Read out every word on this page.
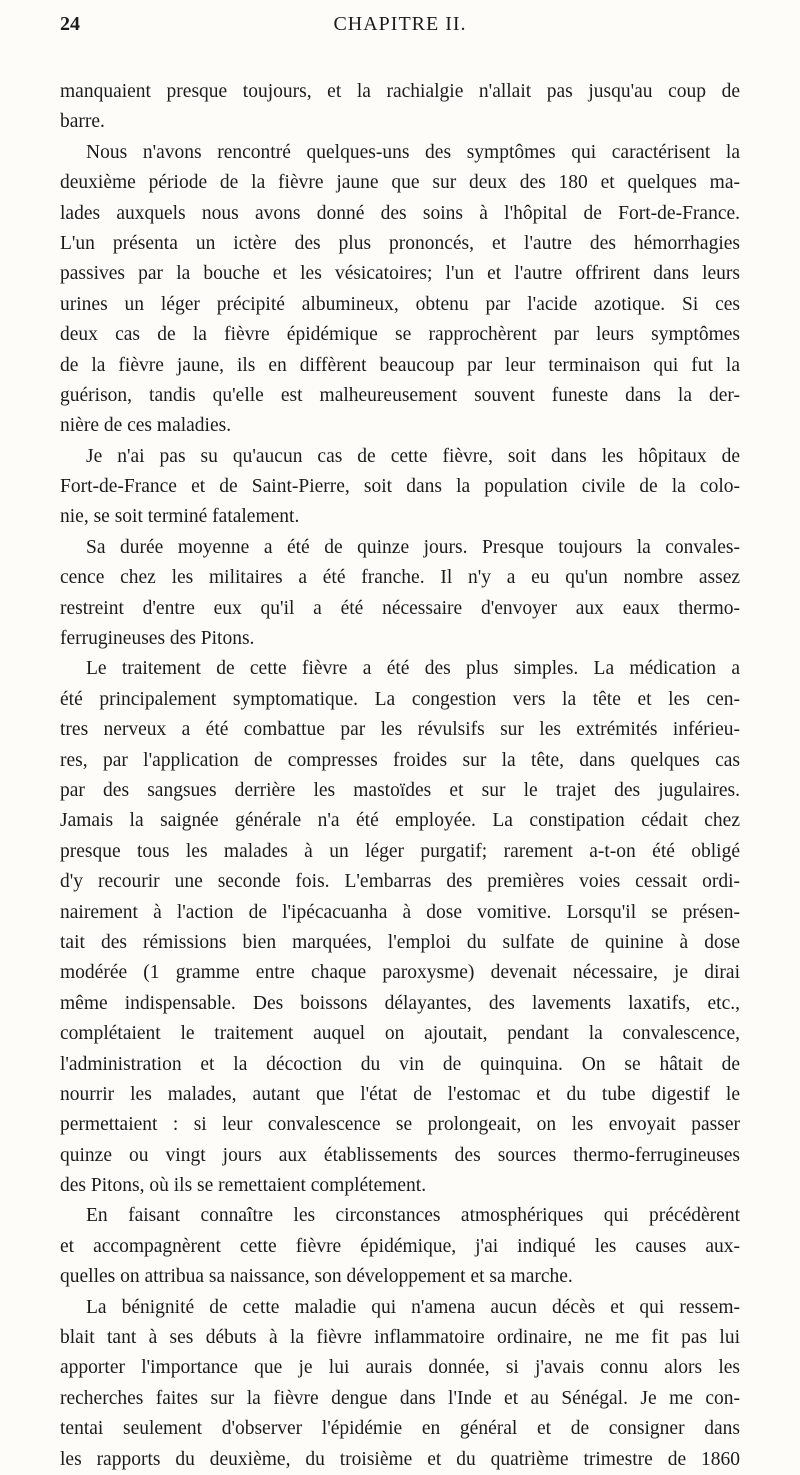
24	CHAPITRE II.
manquaient presque toujours, et la rachialgie n'allait pas jusqu'au coup de
barre.
Nous n'avons rencontré quelques-uns des symptômes qui caractérisent la
deuxième période de la fièvre jaune que sur deux des 180 et quelques ma-
lades auxquels nous avons donné des soins à l'hôpital de Fort-de-France.
L'un présenta un ictère des plus prononcés, et l'autre des hémorrhagies
passives par la bouche et les vésicatoires; l'un et l'autre offrirent dans leurs
urines un léger précipité albumineux, obtenu par l'acide azotique. Si ces
deux cas de la fièvre épidémique se rapprochèrent par leurs symptômes
de la fièvre jaune, ils en diffèrent beaucoup par leur terminaison qui fut la
guérison, tandis qu'elle est malheureusement souvent funeste dans la der-
nière de ces maladies.
Je n'ai pas su qu'aucun cas de cette fièvre, soit dans les hôpitaux de
Fort-de-France et de Saint-Pierre, soit dans la population civile de la colo-
nie, se soit terminé fatalement.
Sa durée moyenne a été de quinze jours. Presque toujours la convales-
cence chez les militaires a été franche. Il n'y a eu qu'un nombre assez
restreint d'entre eux qu'il a été nécessaire d'envoyer aux eaux thermo-
ferrugineuses des Pitons.
Le traitement de cette fièvre a été des plus simples. La médication a
été principalement symptomatique. La congestion vers la tête et les cen-
tres nerveux a été combattue par les révulsifs sur les extrémités inférieu-
res, par l'application de compresses froides sur la tête, dans quelques cas
par des sangsues derrière les mastoïdes et sur le trajet des jugulaires.
Jamais la saignée générale n'a été employée. La constipation cédait chez
presque tous les malades à un léger purgatif; rarement a-t-on été obligé
d'y recourir une seconde fois. L'embarras des premières voies cessait ordi-
nairement à l'action de l'ipécacuanha à dose vomitive. Lorsqu'il se présen-
tait des rémissions bien marquées, l'emploi du sulfate de quinine à dose
modérée (1 gramme entre chaque paroxysme) devenait nécessaire, je dirai
même indispensable. Des boissons délayantes, des lavements laxatifs, etc.,
complétaient le traitement auquel on ajoutait, pendant la convalescence,
l'administration et la décoction du vin de quinquina. On se hâtait de
nourrir les malades, autant que l'état de l'estomac et du tube digestif le
permettaient : si leur convalescence se prolongeait, on les envoyait passer
quinze ou vingt jours aux établissements des sources thermo-ferrugineuses
des Pitons, où ils se remettaient complétement.
En faisant connaître les circonstances atmosphériques qui précédèrent
et accompagnèrent cette fièvre épidémique, j'ai indiqué les causes aux-
quelles on attribua sa naissance, son développement et sa marche.
La bénignité de cette maladie qui n'amena aucun décès et qui ressem-
blait tant à ses débuts à la fièvre inflammatoire ordinaire, ne me fit pas lui
apporter l'importance que je lui aurais donnée, si j'avais connu alors les
recherches faites sur la fièvre dengue dans l'Inde et au Sénégal. Je me con-
tentai seulement d'observer l'épidémie en général et de consigner dans
les rapports du deuxième, du troisième et du quatrième trimestre de 1860
